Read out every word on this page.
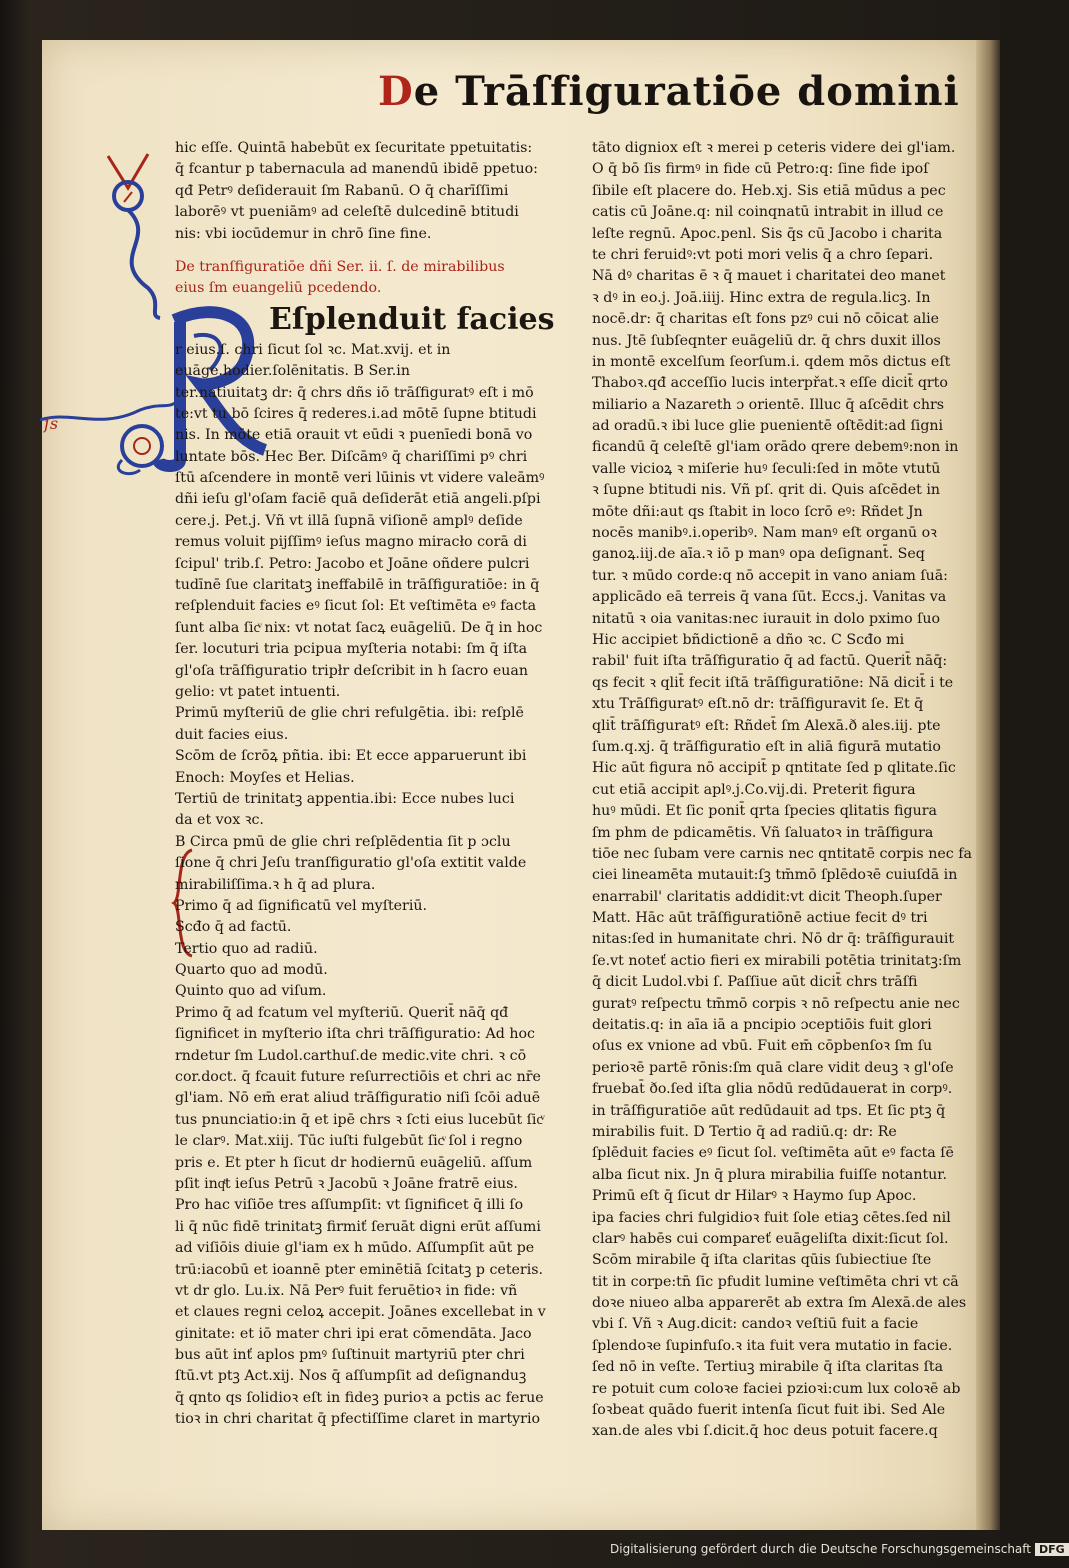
De Trāſfiguratiōe domini
ſs
hic eſſe. Quintā habebūt ex ſecuritate ppetuitatis:
q̄ fcantur p tabernacula ad manendū ibidē ppetuo:
qđ Petrꝰ deſiderauit ſm Rabanū. O q̄ charīſſimi
laborēꝰ vt pueniāmꝰ ad celeſtē dulcedinē btitudi
nis: vbi iocūdemur in chrō ſine fine.
De tranſfiguratiōe dñi Ser. ii. ſ. de mirabilibus
eius ſm euangeliū pcedendo.
Eſplenduit facies
r eius.ſ. chri ſicut ſol ꝛc. Mat.xvij. et in
euāge.hodier.ſolēnitatis. B Ser.in
ter.natiuitatꝫ dr: q̄ chrs dñs iō trāſfiguratꝰ eſt i mō
te:vt tu bō ſcires q̄ rederes.i.ad mōtē ſupne btitudi
nis. In mōte etiā orauit vt eūdi ꝛ puenīedi bonā vo
luntate bōs. Hec Ber. Diſcāmꝰ q̄ chariſſimi pꝰ chri
ſtū aſcendere in montē veri lūinis vt videre valeāmꝰ
dñi ieſu gl'oſam faciē quā deſiderāt etiā angeli.pſpi
cere.j. Pet.j. Vñ vt illā ſupnā viſionē amplꝰ deſide
remus voluit pijſſimꝰ ieſus magno miracło corā di
ſcipul' trib.ſ. Petro: Jacobo et Joāne oñdere pulcri
tudīnē ſue claritatꝫ ineffabilē in trāſfiguratiōe: in q̄
reſplenduit facies eꝰ ſicut ſol: Et veſtimēta eꝰ facta
ſunt alba ſicͮ nix: vt notat ſacꝝ euāgeliū. De q̄ in hoc
ſer. locuturi tria pcipua myſteria notabi: ſm q̄ iſta
gl'oſa trāſfiguratio tripłr deſcribit in h ſacro euan
gelio: vt patet intuenti.
Primū myſteriū de glie chri refulgētia. ibi: reſplē
duit facies eius.
Scōm de ſcrōꝝ pñtia. ibi: Et ecce apparuerunt ibi
Enoch: Moyſes et Helias.
Tertiū de trinitatꝫ appentia.ibi: Ecce nubes luci
da et vox ꝛc.
B Circa pmū de glie chri reſplēdentia ſit p ɔclu
ſione q̄ chri Jeſu tranſfiguratio gl'oſa extitit valde
mirabiliſſima.ꝛ h q̄ ad plura.
Primo q̄ ad ſignificatū vel myſteriū.
Scđo q̄ ad factū.
Tertio quo ad radiū.
Quarto quo ad modū.
Quinto quo ad viſum.
Primo q̄ ad fcatum vel myſteriū. Querit̄ nāq̄ qđ
ſignificet in myſterio iſta chri trāſfiguratio: Ad hoc
rndetur ſm Ludol.carthuſ.de medic.vite chri. ꝛ cō
cor.doct. q̄ fcauit future reſurrectiōis et chri ac nr̄e
gl'iam. Nō em̄ erat aliud trāſfiguratio niſi ſcōi aduē
tus pnunciatio:in q̄ et ipē chrs ꝛ ſcti eius lucebūt ſicͮ
le clarꝰ. Mat.xiij. Tūc iuſti fulgebūt ſicͮ ſol i regno
pris e. Et pter h ſicut dr hodiernū euāgeliū. aſſum
pſit inqͭt ieſus Petrū ꝛ Jacobū ꝛ Joāne fratrē eius.
Pro hac viſiōe tres aſſumpſit: vt ſignificet q̄ illi ſo
li q̄ nūc fidē trinitatꝫ firmiť ſeruāt digni erūt aſſumi
ad viſiōis diuie gl'iam ex h mūdo. Aſſumpſit aūt pe
trū:iacobū et ioannē pter eminētiā ſcitatꝫ p ceteris.
vt dr glo. Lu.ix. Nā Perꝰ fuit feruētioꝛ in fide: vñ
et claues regni celoꝝ accepit. Joānes excellebat in v
ginitate: et iō mater chri ipi erat cōmendāta. Jaco
bus aūt inť aplos pmꝰ ſuſtinuit martyriū pter chri
ſtū.vt ptꝫ Act.xij. Nos q̄ aſſumpſit ad deſignanduꝫ
q̄ qnto qs ſolidioꝛ eſt in fideꝫ purioꝛ a pctis ac ferue
tioꝛ in chri charitat q̄ pfectiſſime claret in martyrio
tāto digniox eſt ꝛ merei p ceteris videre dei gl'iam.
O q̄ bō ſis firmꝰ in fide cū Petro:q: ſine fide ipoſ
ſibile eſt placere do. Heb.xj. Sis etiā mūdus a pec
catis cū Joāne.q: nil coinqnatū intrabit in illud ce
leſte regnū. Apoc.penl. Sis q̄s cū Jacobo i charita
te chri feruidꝰ:vt poti mori velis q̄ a chro ſepari.
Nā dꝰ charitas ē ꝛ q̄ mauet i charitatei deo manet
ꝛ dꝰ in eo.j. Joā.iiij. Hinc extra de regula.licꝫ. In
nocē.dr: q̄ charitas eſt fons pzꝰ cui nō cōicat alie
nus. Jtē ſubſeqnter euāgeliū dr. q̄ chrs duxit illos
in montē excelſum ſeorſum.i. qdem mōs dictus eſt
Thaboꝛ.qđ acceſſio lucis interpřat.ꝛ eſſe dicit̄ qrto
miliario a Nazareth ɔ orientē. Illuc q̄ aſcēdit chrs
ad oradū.ꝛ ibi luce glie puenientē oſtēdit:ad ſigni
ficandū q̄ celeſtē gl'iam orādo qrere debemꝰ:non in
valle vicioꝝ ꝛ miſerie huꝰ ſeculi:ſed in mōte vtutū
ꝛ ſupne btitudi nis. Vñ pſ. qrit di. Quis aſcēdet in
mōte dñi:aut qs ſtabit in loco ſcrō eꝰ: Rñdet Jn
nocēs manibꝰ.i.operibꝰ. Nam manꝰ eſt organū oꝛ
ganoꝝ.iij.de aīa.ꝛ iō p manꝰ opa deſignant̄. Seq
tur. ꝛ mūdo corde:q nō accepit in vano aniam ſuā:
applicādo eā terreis q̄ vana ſūt. Eccs.j. Vanitas va
nitatū ꝛ oia vanitas:nec iurauit in dolo pximo ſuo
Hic accipiet bñdictionē a dño ꝛc. C Scđo mi
rabil' fuit iſta trāſfiguratio q̄ ad factū. Querit̄ nāq̄:
qs fecit ꝛ qlit̄ fecit iſtā trāſfiguratiōne: Nā dicit̄ i te
xtu Trāſfiguratꝰ eſt.nō dr: trāſfiguravit ſe. Et q̄
qlit̄ trāſfiguratꝰ eſt: Rñdet̄ ſm Alexā.ð ales.iij. pte
ſum.q.xj. q̄ trāſfiguratio eſt in aliā figurā mutatio
Hic aūt figura nō accipit̄ p qntitate ſed p qlitate.ſic
cut etiā accipit aplꝰ.j.Co.vij.di. Preterit figura
huꝰ mūdi. Et ſic ponit̄ qrta ſpecies qlitatis figura
ſm phm de pdicamētis. Vñ ſaluatoꝛ in trāſfigura
tiōe nec ſubam vere carnis nec qntitatē corpis nec fa
ciei lineamēta mutauit:ſꝫ tm̄mō ſplēdoꝛē cuiuſdā in
enarrabil' claritatis addidit:vt dicit Theoph.ſuper
Matt. Hāc aūt trāſfiguratiōnē actiue fecit dꝰ tri
nitas:ſed in humanitate chri. Nō dr q̄: trāſfigurauit
ſe.vt noteť actio fieri ex mirabili potētia trinitatꝫ:ſm
q̄ dicit Ludol.vbi ſ. Paſſiue aūt dicit̄ chrs trāſfi
guratꝰ reſpectu tm̄mō corpis ꝛ nō reſpectu anie nec
deitatis.q: in aīa iā a pncipio ɔceptiōis fuit glori
oſus ex vnione ad vbū. Fuit em̄ cōpbenſoꝛ ſm ſu
perioꝛē partē rōnis:ſm quā clare vidit deuꝫ ꝛ gl'oſe
fruebat̄ ðo.ſed iſta glia nōdū redūdauerat in corpꝰ.
in trāſfiguratiōe aūt redūdauit ad tps. Et ſic ptꝫ q̄
mirabilis fuit. D Tertio q̄ ad radiū.q: dr: Re
ſplēduit facies eꝰ ſicut ſol. veſtimēta aūt eꝰ facta ſē
alba ſicut nix. Jn q̄ plura mirabilia fuiſſe notantur.
Primū eſt q̄ ſicut dr Hilarꝰ ꝛ Haymo ſup Apoc.
ipa facies chri fulgidioꝛ fuit ſole etiaꝫ cētes.ſed nil
clarꝰ habēs cui compareť euāgeliſta dixit:ſicut ſol.
Scōm mirabile q̄ iſta claritas qūis ſubiectiue ſte
tit in corpe:tn̄ ſic pfudit lumine veſtimēta chri vt cā
doꝛe niueo alba apparerēt ab extra ſm Alexā.de ales
vbi ſ. Vñ ꝛ Aug.dicit: candoꝛ veſtiū fuit a facie
ſplendoꝛe ſupinfuſo.ꝛ ita fuit vera mutatio in facie.
ſed nō in veſte. Tertiuꝫ mirabile q̄ iſta claritas ſta
re potuit cum coloꝛe faciei pzioꝛi:cum lux coloꝛē ab
ſoꝛbeat quādo fuerit intenſa ſicut fuit ibi. Sed Ale
xan.de ales vbi ſ.dicit.q̄ hoc deus potuit facere.q
Digitalisierung gefördert durch die Deutsche Forschungsgemeinschaft DFG
